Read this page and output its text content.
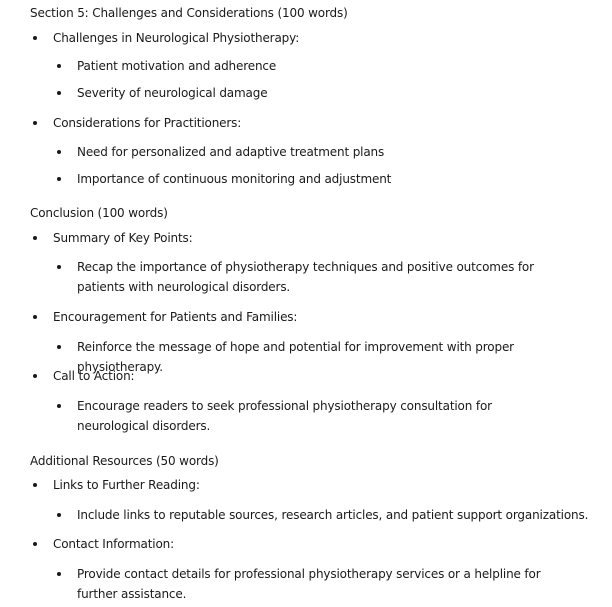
Section 5: Challenges and Considerations (100 words)
Challenges in Neurological Physiotherapy:
Patient motivation and adherence
Severity of neurological damage
Considerations for Practitioners:
Need for personalized and adaptive treatment plans
Importance of continuous monitoring and adjustment
Conclusion (100 words)
Summary of Key Points:
Recap the importance of physiotherapy techniques and positive outcomes for patients with neurological disorders.
Encouragement for Patients and Families:
Reinforce the message of hope and potential for improvement with proper physiotherapy.
Call to Action:
Encourage readers to seek professional physiotherapy consultation for neurological disorders.
Additional Resources (50 words)
Links to Further Reading:
Include links to reputable sources, research articles, and patient support organizations.
Contact Information:
Provide contact details for professional physiotherapy services or a helpline for further assistance.
